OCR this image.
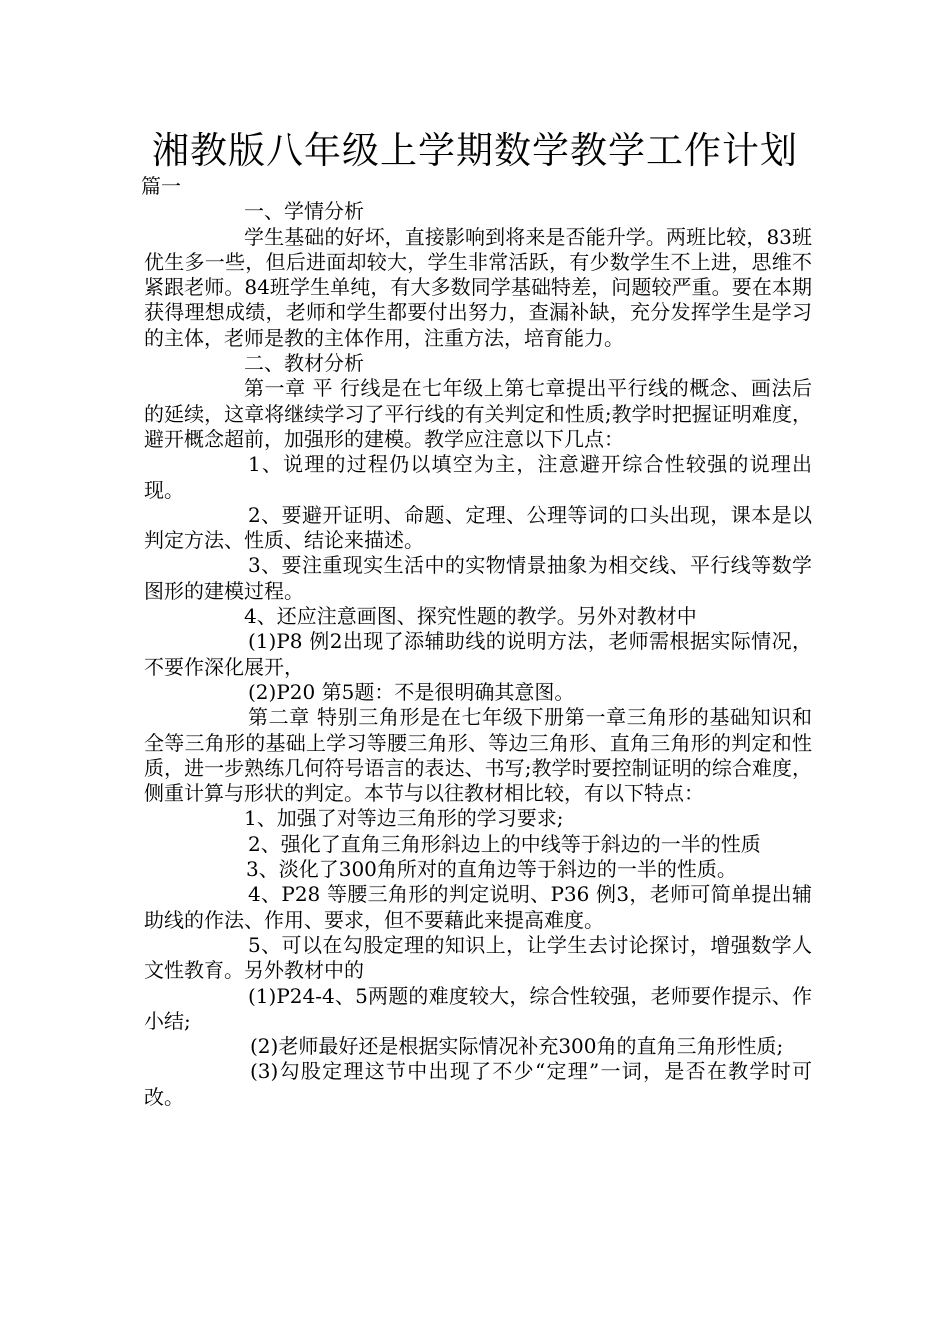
湘教版八年级上学期数学教学工作计划

篇一

一、学情分析

学生基础的好坏，直接影响到将来是否能升学。两班比较，83班优生多一些，但后进面却较大，学生非常活跃，有少数学生不上进，思维不紧跟老师。84班学生单纯，有大多数同学基础特差，问题较严重。要在本期获得理想成绩，老师和学生都要付出努力，查漏补缺，充分发挥学生是学习的主体，老师是教的主体作用，注重方法，培育能力。

二、教材分析

第一章 平 行线是在七年级上第七章提出平行线的概念、画法后的延续，这章将继续学习了平行线的有关判定和性质;教学时把握证明难度，避开概念超前，加强形的建模。教学应注意以下几点：

1、说理的过程仍以填空为主，注意避开综合性较强的说理出现。

2、要避开证明、命题、定理、公理等词的口头出现，课本是以判定方法、性质、结论来描述。

3、要注重现实生活中的实物情景抽象为相交线、平行线等数学图形的建模过程。

4、还应注意画图、探究性题的教学。另外对教材中

(1)P8 例2出现了添辅助线的说明方法，老师需根据实际情况，不要作深化展开，

(2)P20 第5题：不是很明确其意图。

第二章 特别三角形是在七年级下册第一章三角形的基础知识和全等三角形的基础上学习等腰三角形、等边三角形、直角三角形的判定和性质，进一步熟练几何符号语言的表达、书写;教学时要控制证明的综合难度，侧重计算与形状的判定。本节与以往教材相比较，有以下特点：

1、加强了对等边三角形的学习要求;

2、强化了直角三角形斜边上的中线等于斜边的一半的性质

3、淡化了300角所对的直角边等于斜边的一半的性质。

4、P28 等腰三角形的判定说明、P36 例3，老师可简单提出辅助线的作法、作用、要求，但不要藉此来提高难度。

5、可以在勾股定理的知识上，让学生去讨论探讨，增强数学人文性教育。另外教材中的

(1)P24-4、5两题的难度较大，综合性较强，老师要作提示、作小结;

(2)老师最好还是根据实际情况补充300角的直角三角形性质;

(3)勾股定理这节中出现了不少“定理”一词，是否在教学时可改。
